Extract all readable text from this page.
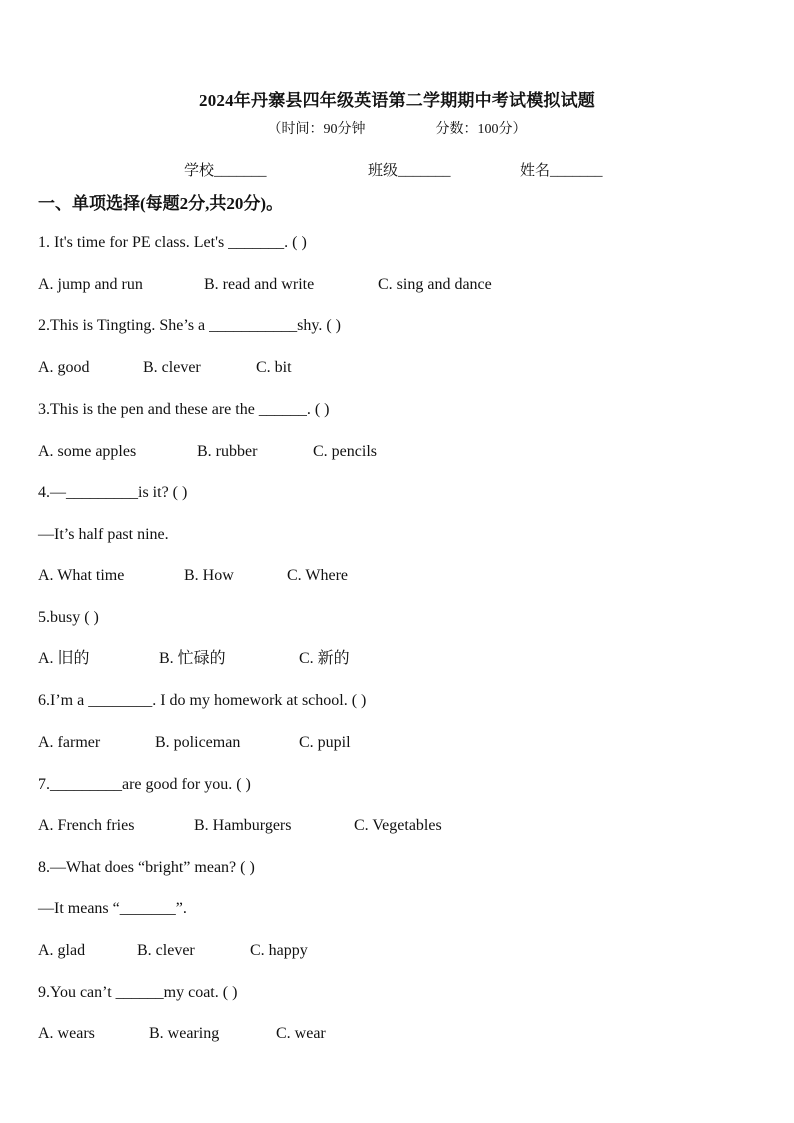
2024年丹寨县四年级英语第二学期期中考试模拟试题
（时间：90分钟                    分数：100分）
学校_______	班级_______	姓名_______
一、单项选择(每题2分,共20分)。
1. It's time for PE class. Let's _______. ( )
A. jump and run	B. read and write	C. sing and dance
2.This is Tingting. She’s a ___________shy. ( )
A. good	B. clever	C. bit
3.This is the pen and these are the ______. ( )
A. some apples	B. rubber	C. pencils
4.—_________is it? ( )
—It’s half past nine.
A. What time	B. How	C. Where
5.busy ( )
A. 旧的	B. 忙碌的	C. 新的
6.I’m a ________. I do my homework at school. ( )
A. farmer	B. policeman	C. pupil
7._________are good for you. ( )
A. French fries	B. Hamburgers	C. Vegetables
8.—What does “bright” mean? ( )
—It means “_______”.
A. glad	B. clever	C. happy
9.You can’t ______my coat. ( )
A. wears	B. wearing	C. wear
